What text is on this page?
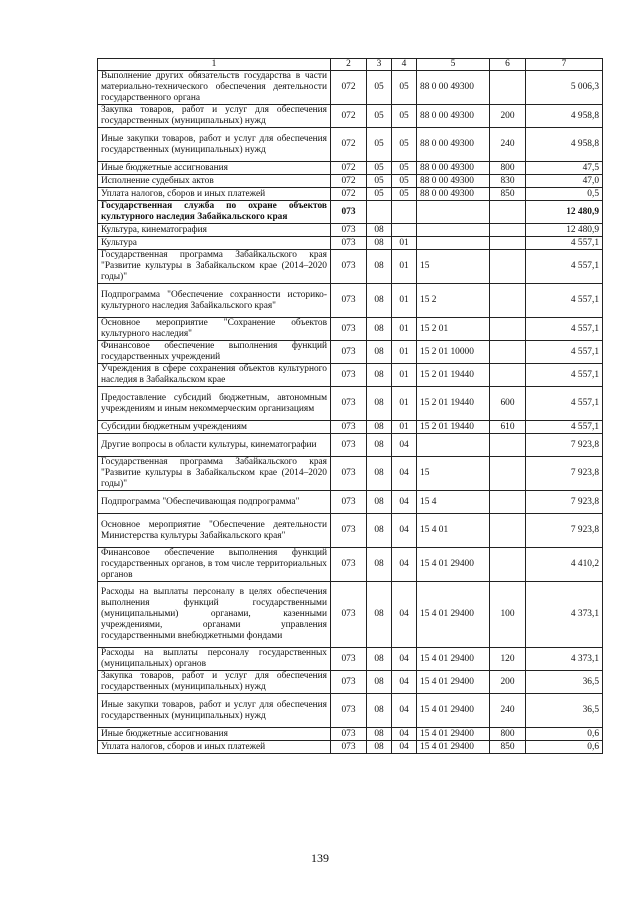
1	2	3	4	5	6	7
Выполнение других обязательств государства в части материально-технического обеспечения деятельности государственного органа	072	05	05	88 0 00 49300		5 006,3
Закупка товаров, работ и услуг для обеспечения государственных (муниципальных) нужд	072	05	05	88 0 00 49300	200	4 958,8
Иные закупки товаров, работ и услуг для обеспечения государственных (муниципальных) нужд	072	05	05	88 0 00 49300	240	4 958,8
Иные бюджетные ассигнования	072	05	05	88 0 00 49300	800	47,5
Исполнение судебных актов	072	05	05	88 0 00 49300	830	47,0
Уплата налогов, сборов и иных платежей	072	05	05	88 0 00 49300	850	0,5
Государственная служба по охране объектов культурного наследия Забайкальского края	073					12 480,9
Культура, кинематография	073	08				12 480,9
Культура	073	08	01			4 557,1
Государственная программа Забайкальского края "Развитие культуры в Забайкальском крае (2014–2020 годы)"	073	08	01	15		4 557,1
Подпрограмма "Обеспечение сохранности историко-культурного наследия Забайкальского края"	073	08	01	15 2		4 557,1
Основное мероприятие "Сохранение объектов культурного наследия"	073	08	01	15 2 01		4 557,1
Финансовое обеспечение выполнения функций государственных учреждений	073	08	01	15 2 01 10000		4 557,1
Учреждения в сфере сохранения объектов культурного наследия в Забайкальском крае	073	08	01	15 2 01 19440		4 557,1
Предоставление субсидий бюджетным, автономным учреждениям и иным некоммерческим организациям	073	08	01	15 2 01 19440	600	4 557,1
Субсидии бюджетным учреждениям	073	08	01	15 2 01 19440	610	4 557,1
Другие вопросы в области культуры, кинематографии	073	08	04			7 923,8
Государственная программа Забайкальского края "Развитие культуры в Забайкальском крае (2014–2020 годы)"	073	08	04	15		7 923,8
Подпрограмма "Обеспечивающая подпрограмма"	073	08	04	15 4		7 923,8
Основное мероприятие "Обеспечение деятельности Министерства культуры Забайкальского края"	073	08	04	15 4 01		7 923,8
Финансовое обеспечение выполнения функций государственных органов, в том числе территориальных органов	073	08	04	15 4 01 29400		4 410,2
Расходы на выплаты персоналу в целях обеспечения выполнения функций государственными (муниципальными) органами, казенными учреждениями, органами управления государственными внебюджетными фондами	073	08	04	15 4 01 29400	100	4 373,1
Расходы на выплаты персоналу государственных (муниципальных) органов	073	08	04	15 4 01 29400	120	4 373,1
Закупка товаров, работ и услуг для обеспечения государственных (муниципальных) нужд	073	08	04	15 4 01 29400	200	36,5
Иные закупки товаров, работ и услуг для обеспечения государственных (муниципальных) нужд	073	08	04	15 4 01 29400	240	36,5
Иные бюджетные ассигнования	073	08	04	15 4 01 29400	800	0,6
Уплата налогов, сборов и иных платежей	073	08	04	15 4 01 29400	850	0,6
139
